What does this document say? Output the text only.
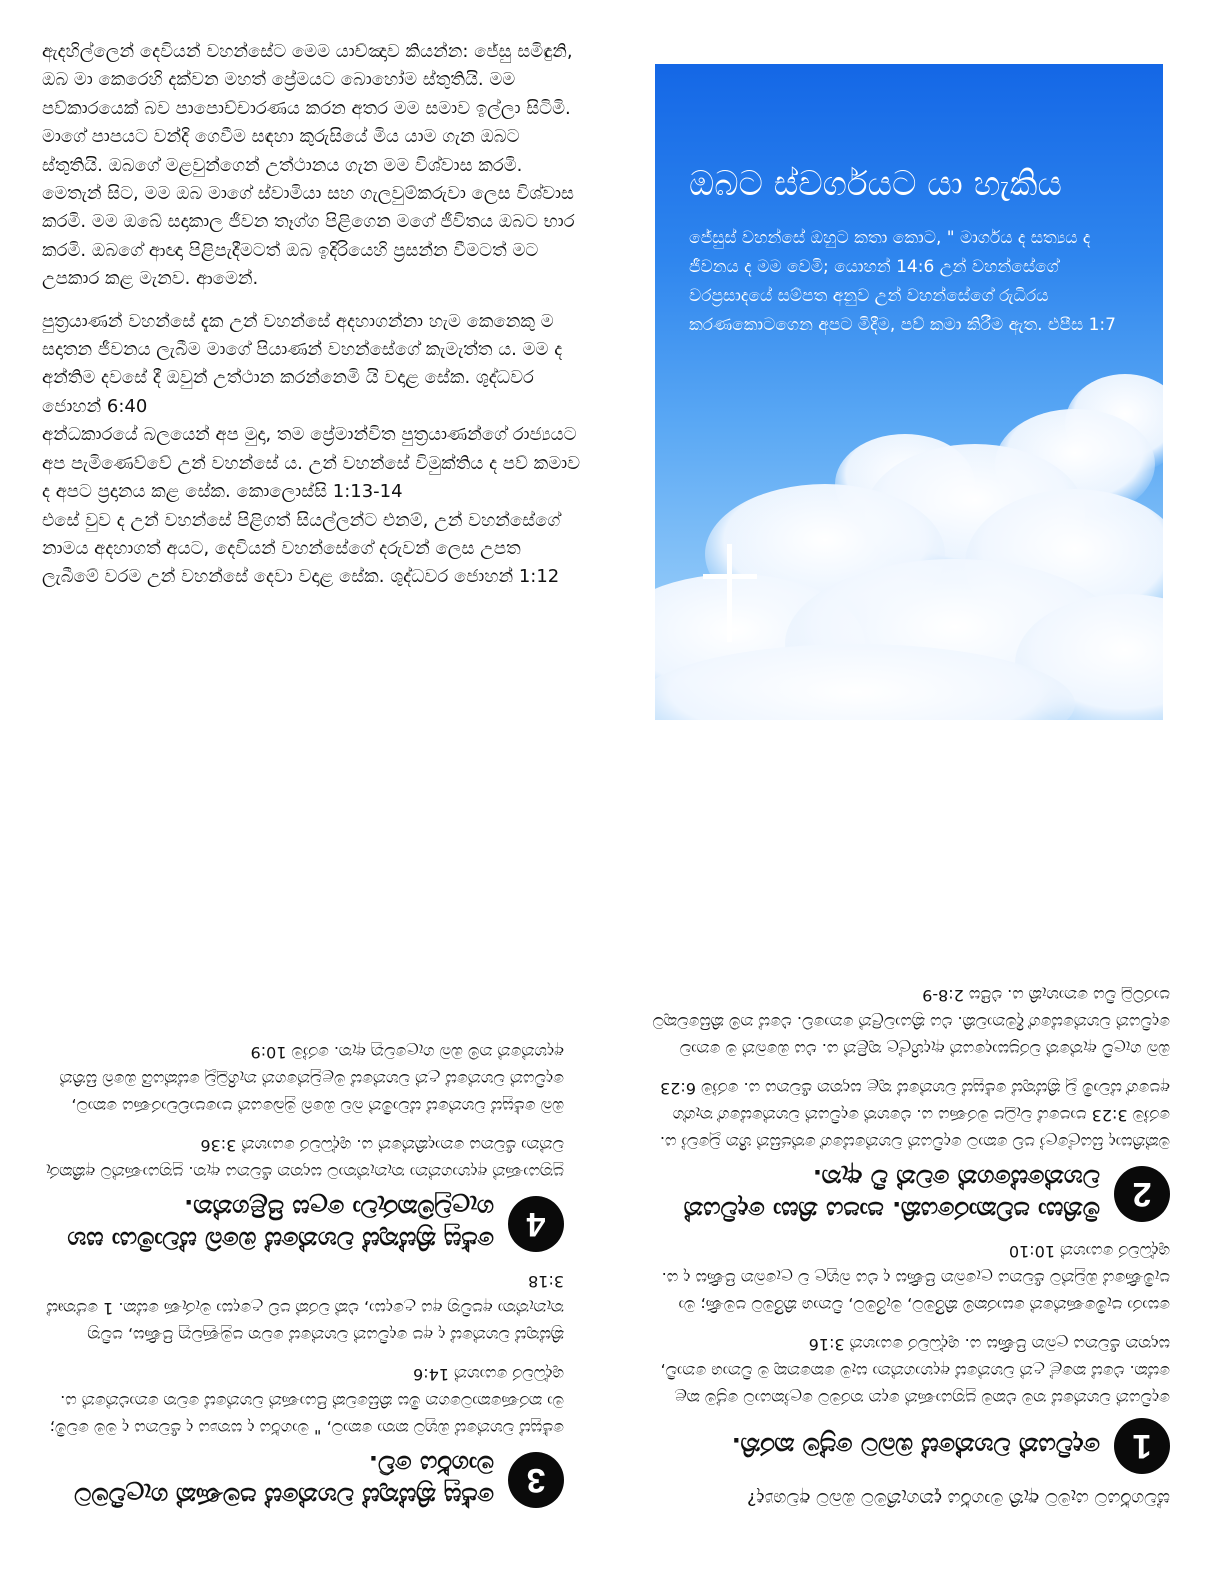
ඇදහිල්ලෙන් දෙවියන් වහන්සේට මෙම යාච්ඤාව කියන්න: ජේසු සමිඳුනි, ඔබ මා කෙරෙහි දක්වන මහත් ප්‍රේමයට බොහෝම ස්තුතියි. මම පව්කාරයෙක් බව පාපොච්චාරණය කරන අතර මම සමාව ඉල්ලා සිටිමි. මාගේ පාපයට වන්දි ගෙවීම සඳහා කුරුසියේ මිය යාම ගැන ඔබට ස්තුතියි. ඔබගේ මළවුන්ගෙන් උත්ථානය ගැන මම විශ්වාස කරමි. මෙතැන් සිට, මම ඔබ මාගේ ස්වාමියා සහ ගැලවුම්කරුවා ලෙස විශ්වාස කරමි. මම ඔබේ සදාකාල ජීවන තෑග්ග පිළිගෙන මගේ ජීවිතය ඔබට භාර කරමි. ඔබගේ ආඥා පිළිපැදීමටත් ඔබ ඉදිරියෙහි ප්‍රසන්න වීමටත් මට උපකාර කළ මැනව. ආමෙන්.

පුත්‍රයාණන් වහන්සේ දැක උන් වහන්සේ අදහාගන්නා හැම කෙනෙකු ම සදාතන ජීවනය ලැබීම මාගේ පියාණන් වහන්සේගේ කැමැත්ත ය. මම ද අන්තිම දවසේ දී ඔවුන් උත්ථාන කරන්නෙමි යි වදාළ සේක. ශුද්ධවර ජොහන් 6:40

අන්ධකාරයේ බලයෙන් අප මුදා, තම ප්‍රේමාන්විත පුත්‍රයාණන්ගේ රාජ්‍යයට අප පැමිණෙව්වේ උන් වහන්සේ ය. උන් වහන්සේ විමුක්තිය ද පව් කමාව ද අපට ප්‍රදානය කළ සේක. කොලොස්සි 1:13-14

එසේ වුව ද උන් වහන්සේ පිළිගත් සියල්ලන්ට එනම්, උන් වහන්සේගේ නාමය අදහාගත් අයට, දෙවියන් වහන්සේගේ දරුවන් ලෙස උපත ලැබීමේ වරම උන් වහන්සේ දෙවා වදාළ සේක. ශුද්ධවර ජොහන් 1:12

ඔබට ස්වර්ගයට යා හැකිය

ජේසුස් වහන්සේ ඔහුට කතා කොට, " මාර්ගය ද සත්‍යය ද ජීවනය ද මම වෙමි; යොහන් 14:6 උන් වහන්සේගේ වරප්‍රසාදයේ සම්පත අනුව උන් වහන්සේගේ රුධිරය කරණකොටගෙන අපට මිදීම, පව් කමා කිරීම ඇත. එපීස 1:7

ස්වර්ගයට යෑමට ඇති මාර්ගය දැනගැනීමට ඔබට අවශ්‍යද?

1
දෙවියන් වහන්සේ ඔබට ප්‍රේම කරති.

දෙවියන් වහන්සේ තම එකම පුත්‍රයාණන් දෙන තරමට ලෝකයාට ප්‍රේම කළ සේක. එසේ කළේ උන් වහන්සේ අදහාගන්නා සෑම කෙනෙකු ම විනාශ නොවී, සදාතන ජීවනය ලබන පිණිස ය. ශුද්ධවර යොහන් 3:16

සොරා පැමිණෙන්නේ සොරකම් කිරීමට, මැරීමට, විනාශ කිරීමට පමණි; මා පැමිණියේ ඔවුන්ට ජීවනය ලැබෙන පිණිස ද එය බහුල ව ලැබෙන පිණිස ද ය. ශුද්ධවර යොහන් 10:10

2
මිනිසා පව්කාරයෙකි. පාපය නිසා දෙවියන් වහන්සේගෙන් වෙන් වී ඇත.

මක්නිසාද සියල්ලෝ පව් කොට දෙවියන් වහන්සේගේ තේජසින් හීන වූවෝ ය. රෝම 3:23 පාපයේ වැටුප මරණය ය. එහෙත් දෙවියන් වහන්සේගේ තෑග්ග අපගේ ස්වාමි වූ ක්‍රිස්තුස් ජේසුස් වහන්සේ තුළ සදාතන ජීවනය ය. රෝම 6:23

ඔබ ගැලවී ඇත්තේ වරප්‍රසාදයෙන් ඇදහිල්ල තුළින් ය. එය ඔබෙන් ම නොව දෙවියන් වහන්සේගේ දීමනාවකි. එය ක්‍රියාවලින් නොවේ. එසේ නම් කිසිවෙකුට පාරට්ටු විය නොහැකි ය. එපීස 2:8-9

3
ජේසු ක්‍රිස්තුස් වහන්සේ පමණක් ගැලවීමට මාර්ගය වේ.

ජේසුස් වහන්සේ ඔහුට කතා කොට, " මාර්ගය ද සත්‍යය ද ජීවනය ද මම වෙමි; මා කරණකොටගෙන මිස කිසිවෙක් පියාණන් වහන්සේ වෙත නොඑන්නේ ය. ශුද්ධවර යොහන් 14:6

ක්‍රිස්තුස් වහන්සේ ද අප දෙවියන් වහන්සේ වෙත පමුණුවනු පිණිස, පවිත්‍ර තැනැත්තා අපවිත්‍ර අය උදෙසා, එක් වරක් පව් උදෙසා මැරුණ සේක. 1 පේතෘස් 3:18

4
ජේසු ක්‍රිස්තුස් වහන්සේ ඔබේ ස්වාමියා සහ ගැලවුම්කරුවා ලෙස පිළිගන්න.

පුත්‍රයාණන් අදහාගන්නා තැනැත්තාට සදාතන ජීවනය ඇත. පුත්‍රයාණන්ට අකීකරු වන්නා ජීවනය නොදකින්නේ ය. ශුද්ධවර යොහන් 3:36

ඔබ ජේසුස් වහන්සේ ස්වාමීන් බව ඔබේ මුඛයෙන් පාපොච්චාරණය කොට, දෙවියන් වහන්සේ උන් වහන්සේ මළවුන්ගෙන් නැගිටුවූ සේක්යයි ඔබේ සිතින් අදහන්නේ නම් ඔබ ගැලවෙනු ඇත. රෝම 10:9
